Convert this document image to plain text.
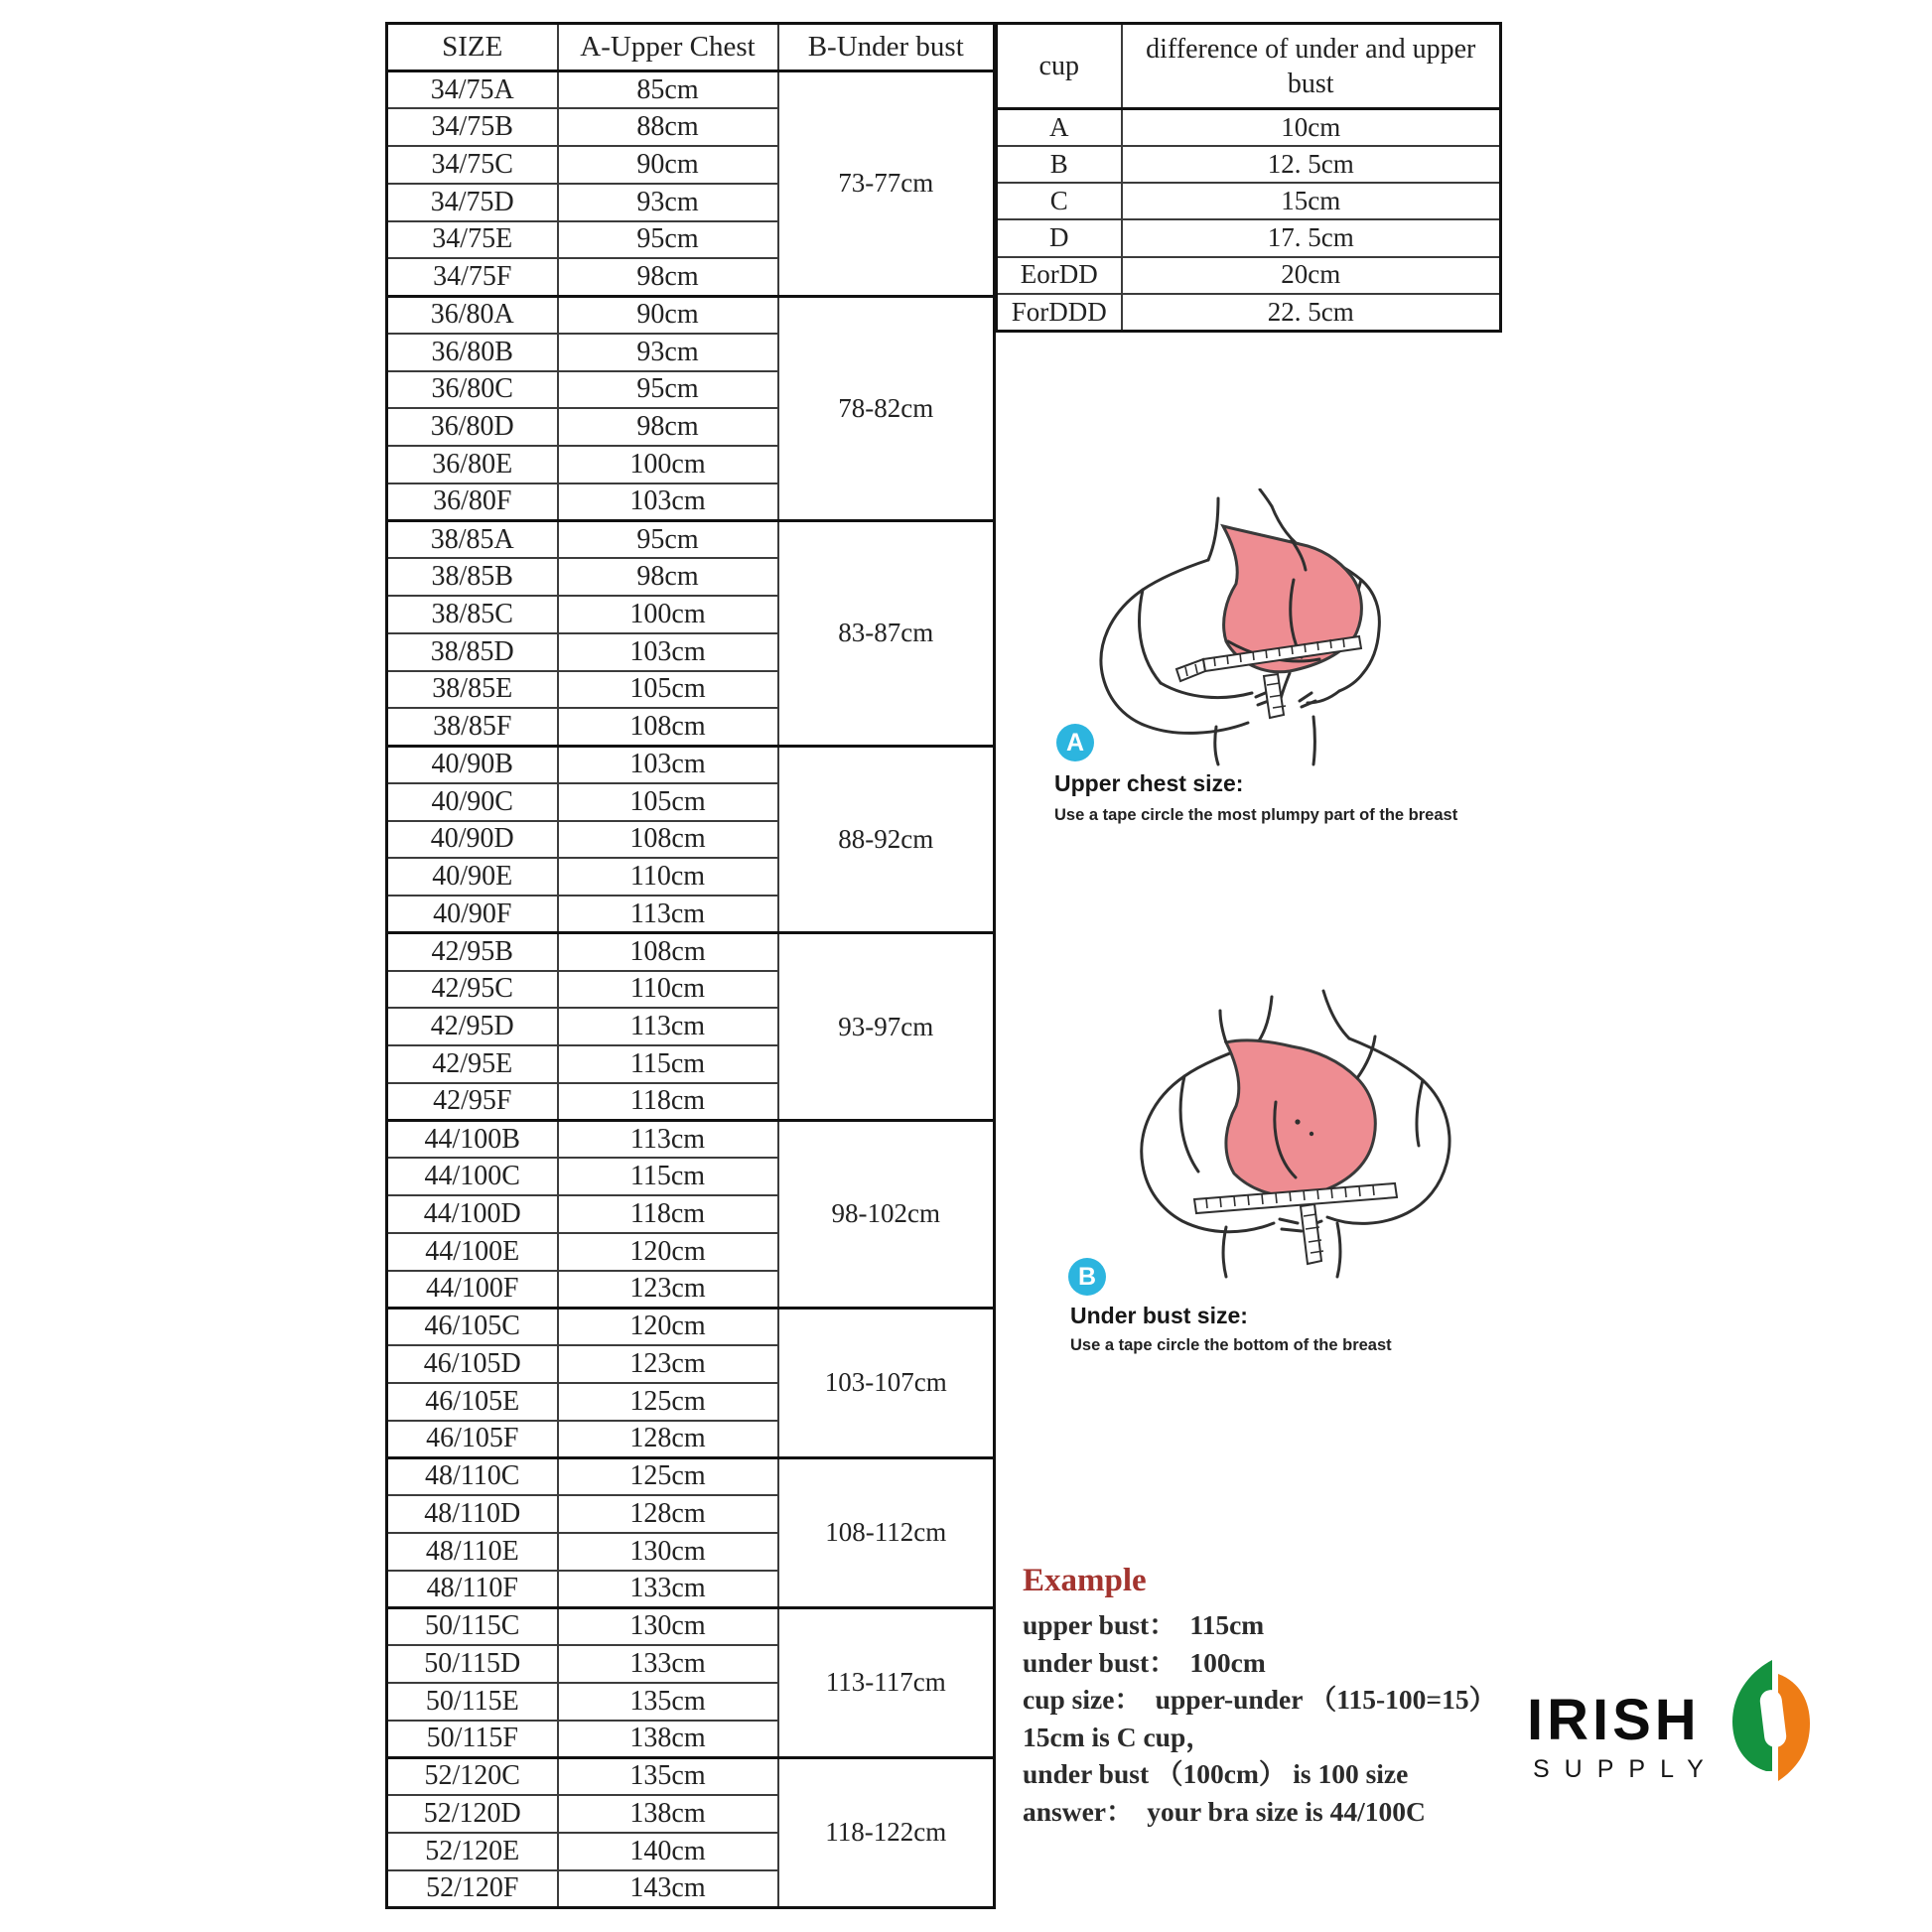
SIZE	A-Upper Chest	B-Under bust
34/75A	85cm	73-77cm
34/75B	88cm	
34/75C	90cm	
34/75D	93cm	
34/75E	95cm	
34/75F	98cm	
36/80A	90cm	78-82cm
36/80B	93cm	
36/80C	95cm	
36/80D	98cm	
36/80E	100cm	
36/80F	103cm	
38/85A	95cm	83-87cm
38/85B	98cm	
38/85C	100cm	
38/85D	103cm	
38/85E	105cm	
38/85F	108cm	
40/90B	103cm	88-92cm
40/90C	105cm	
40/90D	108cm	
40/90E	110cm	
40/90F	113cm	
42/95B	108cm	93-97cm
42/95C	110cm	
42/95D	113cm	
42/95E	115cm	
42/95F	118cm	
44/100B	113cm	98-102cm
44/100C	115cm	
44/100D	118cm	
44/100E	120cm	
44/100F	123cm	
46/105C	120cm	103-107cm
46/105D	123cm	
46/105E	125cm	
46/105F	128cm	
48/110C	125cm	108-112cm
48/110D	128cm	
48/110E	130cm	
48/110F	133cm	
50/115C	130cm	113-117cm
50/115D	133cm	
50/115E	135cm	
50/115F	138cm	
52/120C	135cm	118-122cm
52/120D	138cm	
52/120E	140cm	
52/120F	143cm	
cup	difference of under and upper bust
A	10cm
B	12. 5cm
C	15cm
D	17. 5cm
EorDD	20cm
ForDDD	22. 5cm
A
Upper chest size:
Use a tape circle the most plumpy part of the breast
B
Under bust size:
Use a tape circle the bottom of the breast
Example
upper bust：  115cm
under bust：  100cm
cup size：  upper-under （115-100=15）
15cm is C cup，
under bust （100cm） is 100 size
answer：  your bra size is 44/100C
IRISH
SUPPLY
